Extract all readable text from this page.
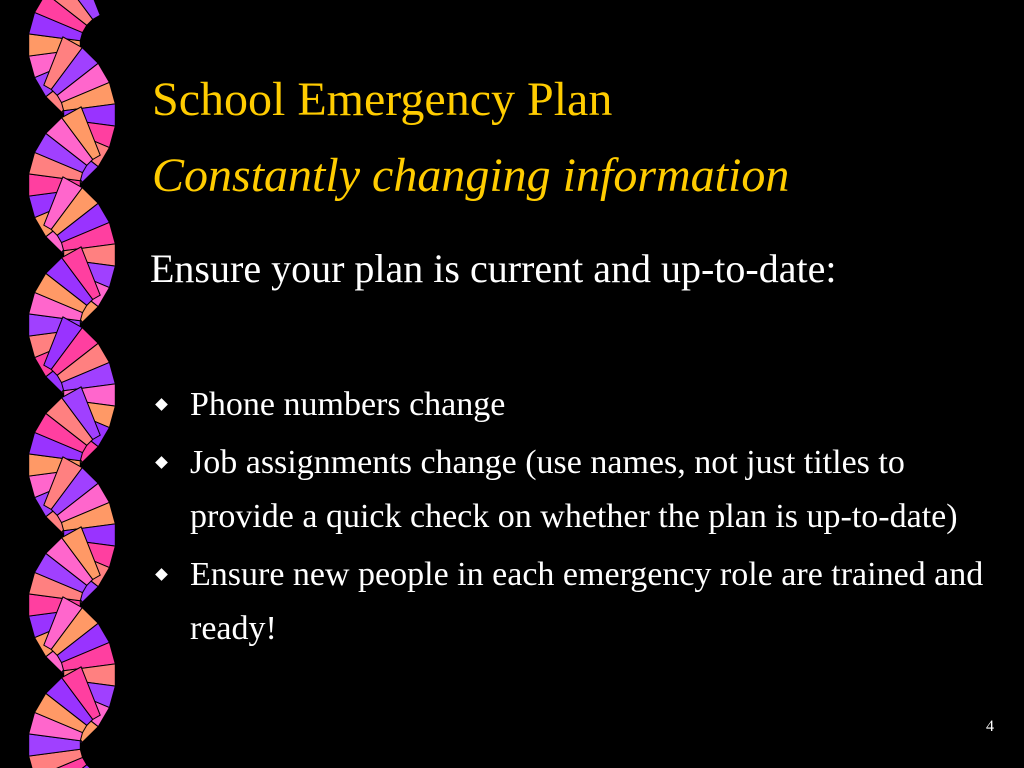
School Emergency Plan
Constantly changing information

Ensure your plan is current and up-to-date:

Phone numbers change
Job assignments change (use names, not just titles to provide a quick check on whether the plan is up-to-date)
Ensure new people in each emergency role are trained and ready!
4
